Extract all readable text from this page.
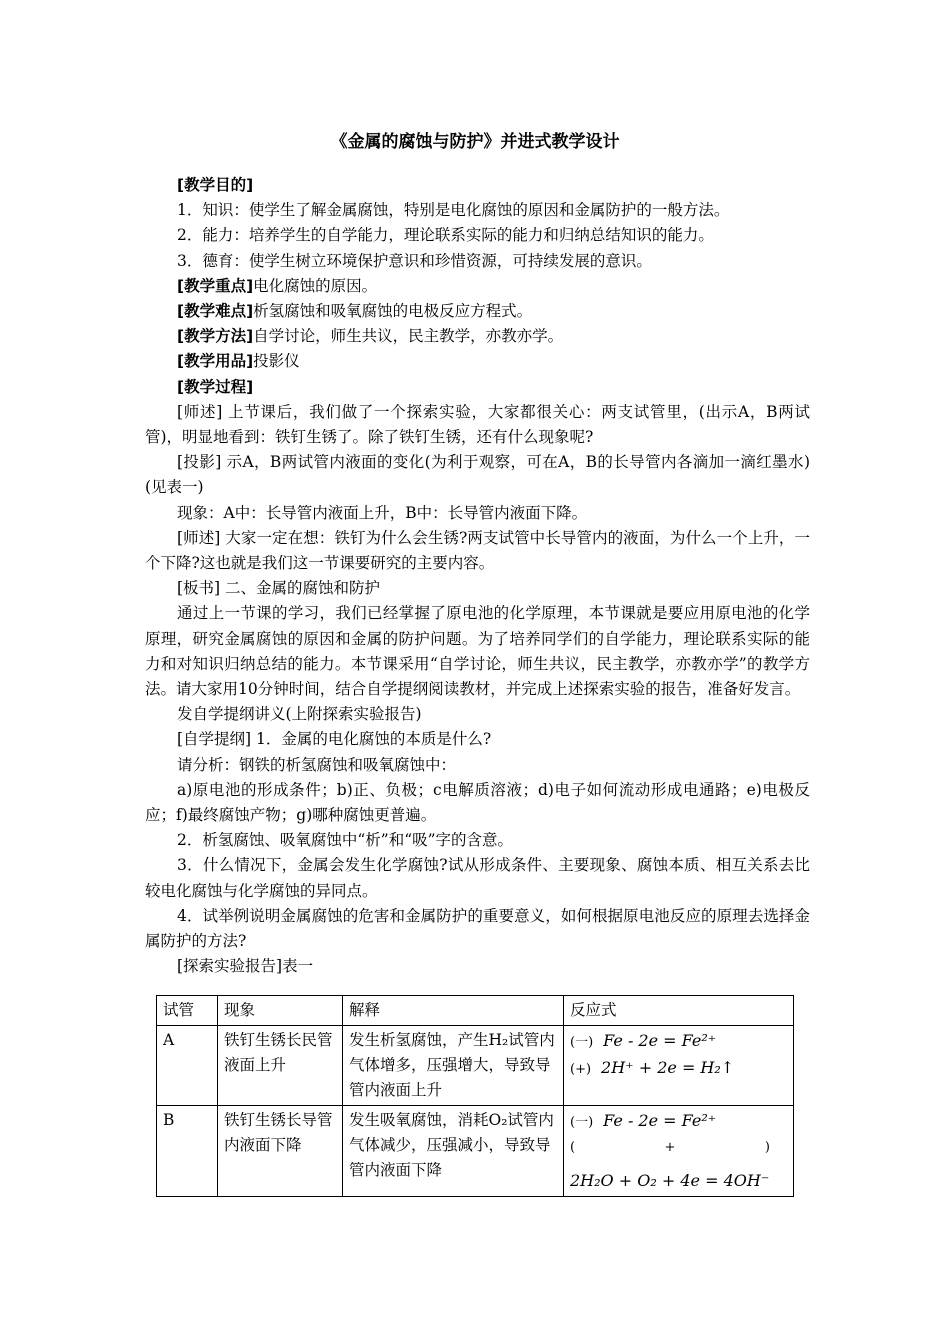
《金属的腐蚀与防护》并进式教学设计

[教学目的]

1．知识：使学生了解金属腐蚀，特别是电化腐蚀的原因和金属防护的一般方法。

2．能力：培养学生的自学能力，理论联系实际的能力和归纳总结知识的能力。

3．德育：使学生树立环境保护意识和珍惜资源，可持续发展的意识。

[教学重点]电化腐蚀的原因。

[教学难点]析氢腐蚀和吸氧腐蚀的电极反应方程式。

[教学方法]自学讨论，师生共议，民主教学，亦教亦学。

[教学用品]投影仪

[教学过程]

[师述] 上节课后，我们做了一个探索实验，大家都很关心：两支试管里，(出示A，B两试管)，明显地看到：铁钉生锈了。除了铁钉生锈，还有什么现象呢?

[投影] 示A，B两试管内液面的变化(为利于观察，可在A，B的长导管内各滴加一滴红墨水)(见表一)

现象：A中：长导管内液面上升，B中：长导管内液面下降。

[师述] 大家一定在想：铁钉为什么会生锈?两支试管中长导管内的液面，为什么一个上升，一个下降?这也就是我们这一节课要研究的主要内容。

[板书] 二、金属的腐蚀和防护

通过上一节课的学习，我们已经掌握了原电池的化学原理，本节课就是要应用原电池的化学原理，研究金属腐蚀的原因和金属的防护问题。为了培养同学们的自学能力，理论联系实际的能力和对知识归纳总结的能力。本节课采用“自学讨论，师生共议，民主教学，亦教亦学”的教学方法。请大家用10分钟时间，结合自学提纲阅读教材，并完成上述探索实验的报告，准备好发言。

发自学提纲讲义(上附探索实验报告)

[自学提纲] 1．金属的电化腐蚀的本质是什么?

请分析：钢铁的析氢腐蚀和吸氧腐蚀中：

a)原电池的形成条件；b)正、负极；c电解质溶液；d)电子如何流动形成电通路；e)电极反应；f)最终腐蚀产物；g)哪种腐蚀更普遍。

2．析氢腐蚀、吸氧腐蚀中“析”和“吸”字的含意。

3．什么情况下，金属会发生化学腐蚀?试从形成条件、主要现象、腐蚀本质、相互关系去比较电化腐蚀与化学腐蚀的异同点。

4．试举例说明金属腐蚀的危害和金属防护的重要意义，如何根据原电池反应的原理去选择金属防护的方法?

[探索实验报告]表一

试管	现象	解释	反应式
A	铁钉生锈长民管液面上升	发生析氢腐蚀，产生H₂试管内气体增多，压强增大，导致导管内液面上升	(一) Fe - 2e = Fe²⁺
(+) 2H⁺ + 2e = H₂↑

B	铁钉生锈长导管内液面下降	发生吸氧腐蚀，消耗O₂试管内气体减少，压强减小，导致导管内液面下降	(一) Fe - 2e = Fe²⁺
( + )
2H₂O + O₂ + 4e = 4OH⁻
